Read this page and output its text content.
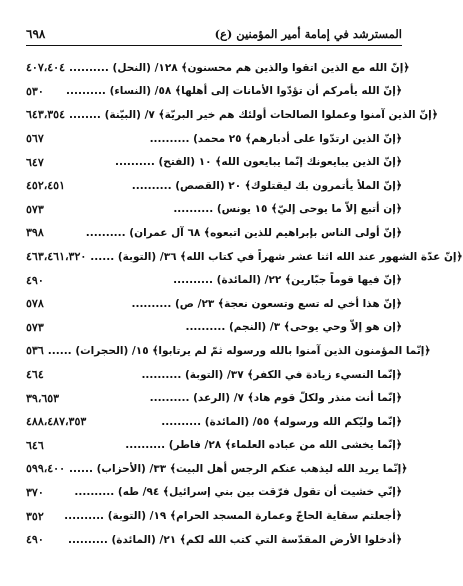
٦٩٨	المسترشد في إمامة أمير المؤمنين (ع)
٤٠٧،٤٠٤ ﴿إنّ الله مع الذين اتقوا والذين هم محسنون﴾ ١٢٨/ (النحل) ..........
٥٣٠	﴿إنّ الله يأمركم أن تؤدّوا الأمانات إلى أهلها﴾ ٥٨/ (النساء) ..........
٦٤٣،٣٥٤ ﴿إنّ الذين آمنوا وعملوا الصالحات أولئك هم خير البريّة﴾ ٧/ (البيّنة) ........
٥٦٧	﴿إنّ الذين ارتدّوا على أدبارهم﴾ ٢٥ محمد) ..........
٦٤٧	﴿إنّ الذين يبايعونك إنّما يبايعون الله﴾ ١٠ (الفتح) ..........
٤٥٢،٤٥١	﴿إنّ الملأ يأتمرون بك ليقتلوك﴾ ٢٠ (القصص) ..........
٥٧٣	﴿إن أتبع إلاّ ما يوحى إليّ﴾ ١٥ يونس) ..........
٣٩٨	﴿إنّ أولى الناس بإبراهيم للذين اتبعوه﴾ ٦٨ آل عمران) ..........
٤٦٣،٤٦١،٣٢٠ ﴿إنّ عدّة الشهور عند الله اثنا عشر شهراً في كتاب الله﴾ ٣٦/ (التوبة) ......
٤٩٠	﴿إنّ فيها قوماً جبّارين﴾ ٢٢/ (المائدة) ..........
٥٧٨	﴿إنّ هذا أخي له تسع وتسعون نعجة﴾ ٢٣/ ص) ..........
٥٧٣	﴿إن هو إلاّ وحي يوحى﴾ ٣/ (النجم) ..........
٥٣٦ ﴿إنّما المؤمنون الذين آمنوا بالله ورسوله ثمّ لم يرتابوا﴾ ١٥/ (الحجرات) ......
٤٦٤	﴿إنّما النسيء زيادة في الكفر﴾ ٣٧/ (التوبة) ..........
٣٩،٦٥٣	﴿إنّما أنت منذر ولكلّ قوم هاد﴾ ٧/ (الرعد) ..........
٤٨٨،٤٨٧،٣٥٣	﴿إنّما وليّكم الله ورسوله﴾ ٥٥/ (المائدة) ..........
٦٤٦	﴿إنّما يخشى الله من عباده العلماء﴾ ٢٨/ فاطر) ..........
٥٩٩،٤٠٠ ﴿إنّما يريد الله ليذهب عنكم الرجس أهل البيت﴾ ٣٣/ (الأحزاب) ......
٣٧٠	﴿إنّي خشيت أن تقول فرّقت بين بني إسرائيل﴾ ٩٤/ طه) ..........
٣٥٢	﴿أجعلتم سقاية الحاجّ وعمارة المسجد الحرام﴾ ١٩/ (التوبة) ..........
٤٩٠	﴿أدخلوا الأرض المقدّسة التي كتب الله لكم﴾ ٢١/ (المائدة) ..........
